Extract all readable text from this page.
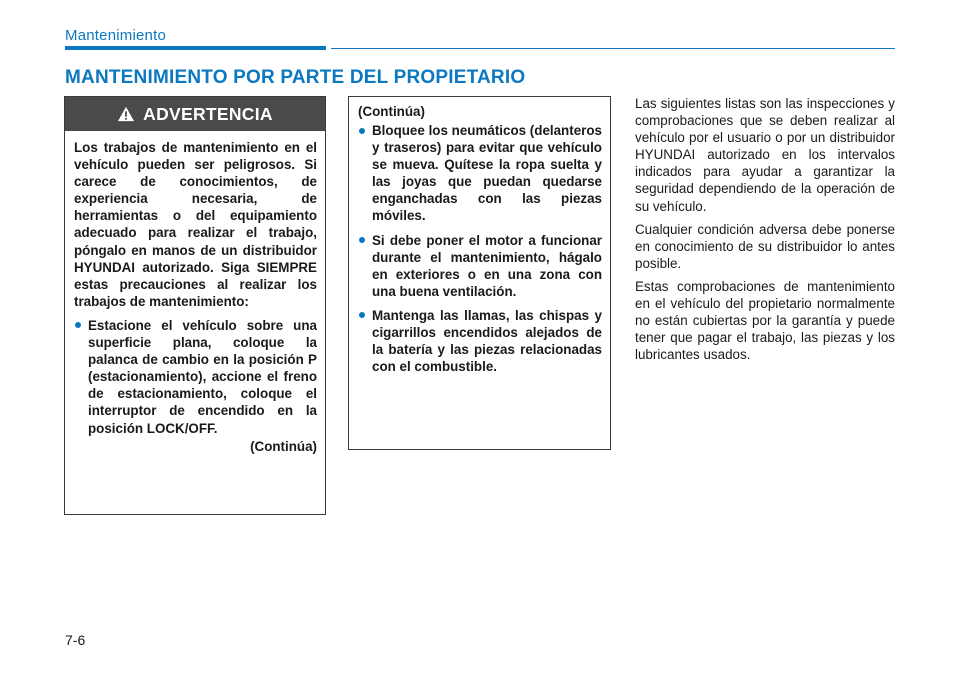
Mantenimiento
MANTENIMIENTO POR PARTE DEL PROPIETARIO
ADVERTENCIA

Los trabajos de mantenimiento en el vehículo pueden ser peligrosos. Si carece de conocimientos, de experiencia necesaria, de herramientas o del equipamiento adecuado para realizar el trabajo, póngalo en manos de un distribuidor HYUNDAI autorizado. Siga SIEMPRE estas precauciones al realizar los trabajos de mantenimiento:

Estacione el vehículo sobre una superficie plana, coloque la palanca de cambio en la posición P (estacionamiento), accione el freno de estacionamiento, coloque el interruptor de encendido en la posición LOCK/OFF.

(Continúa)

(Continúa)

Bloquee los neumáticos (delanteros y traseros) para evitar que vehículo se mueva. Quítese la ropa suelta y las joyas que puedan quedarse enganchadas con las piezas móviles.

Si debe poner el motor a funcionar durante el mantenimiento, hágalo en exteriores o en una zona con una buena ventilación.

Mantenga las llamas, las chispas y cigarrillos encendidos alejados de la batería y las piezas relacionadas con el combustible.

Las siguientes listas son las inspecciones y comprobaciones que se deben realizar al vehículo por el usuario o por un distribuidor HYUNDAI autorizado en los intervalos indicados para ayudar a garantizar la seguridad dependiendo de la operación de su vehículo.

Cualquier condición adversa debe ponerse en conocimiento de su distribuidor lo antes posible.

Estas comprobaciones de mantenimiento en el vehículo del propietario normalmente no están cubiertas por la garantía y puede tener que pagar el trabajo, las piezas y los lubricantes usados.

7-6
